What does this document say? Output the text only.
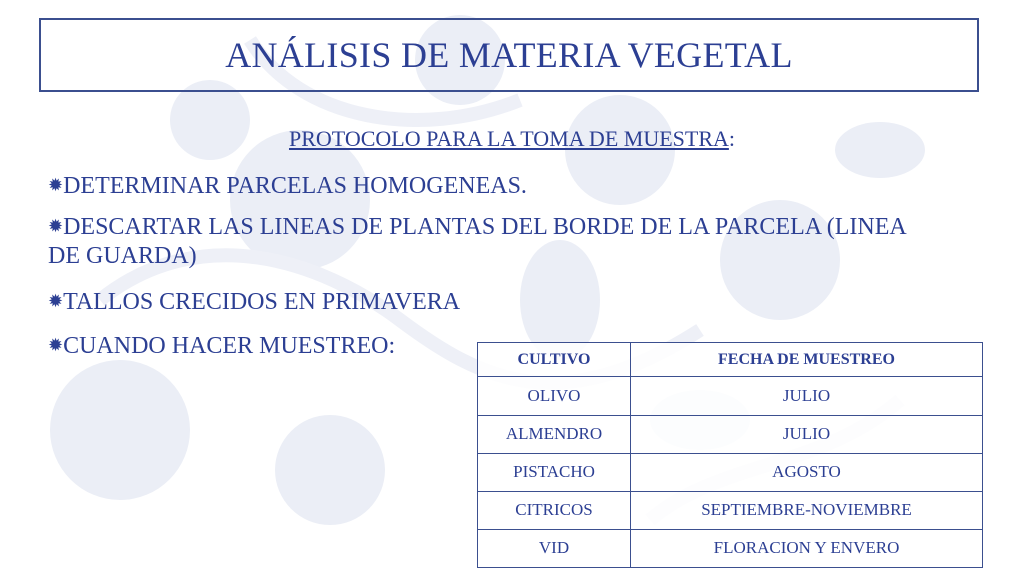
ANÁLISIS DE MATERIA VEGETAL
PROTOCOLO PARA LA TOMA DE MUESTRA:
✹DETERMINAR PARCELAS HOMOGENEAS.
✹DESCARTAR LAS LINEAS DE PLANTAS DEL BORDE DE LA PARCELA (LINEA DE GUARDA)
✹TALLOS CRECIDOS EN PRIMAVERA
✹CUANDO HACER MUESTREO:
CULTIVO	FECHA DE MUESTREO
OLIVO	JULIO
ALMENDRO	JULIO
PISTACHO	AGOSTO
CITRICOS	SEPTIEMBRE-NOVIEMBRE
VID	FLORACION Y ENVERO
